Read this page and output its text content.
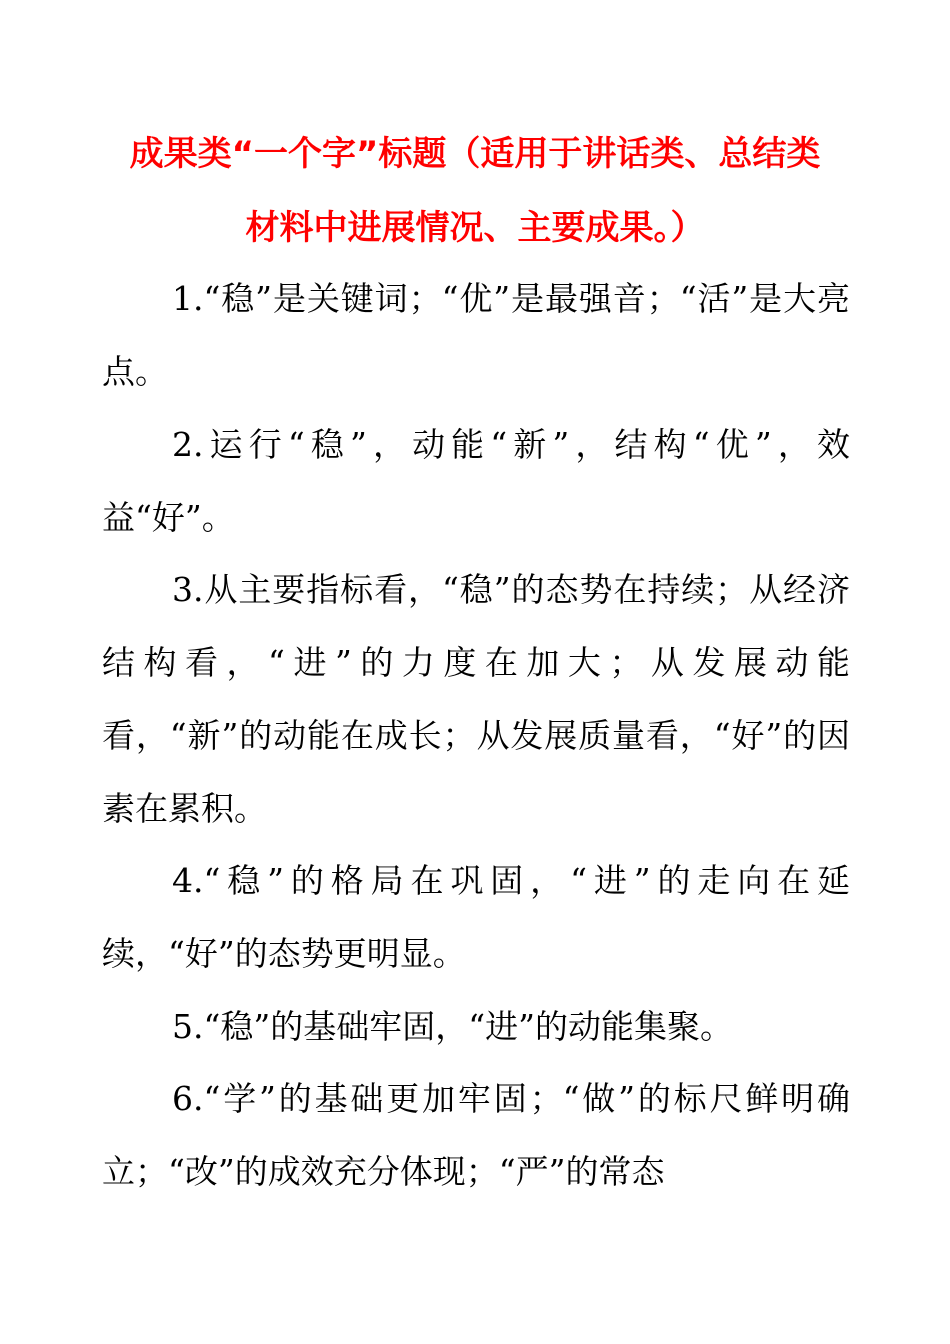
成果类“一个字”标题（适用于讲话类、总结类
材料中进展情况、主要成果。）

1.“稳”是关键词；“优”是最强音；“活”是大亮点。

2.运行“稳”，动能“新”，结构“优”，效益“好”。

3.从主要指标看，“稳”的态势在持续；从经济结构看，“进”的力度在加大；从发展动能看，“新”的动能在成长；从发展质量看，“好”的因素在累积。

4.“稳”的格局在巩固，“进”的走向在延续，“好”的态势更明显。

5.“稳”的基础牢固，“进”的动能集聚。

6.“学”的基础更加牢固；“做”的标尺鲜明确立；“改”的成效充分体现；“严”的常态
